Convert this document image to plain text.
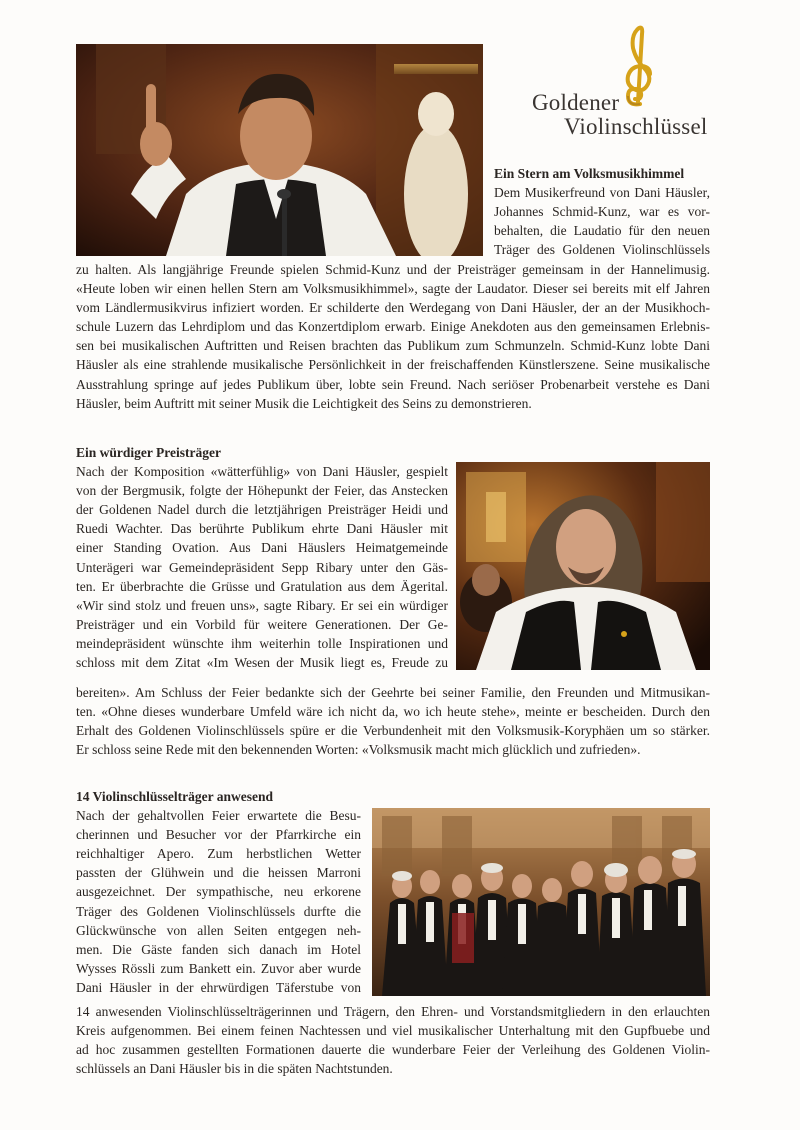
Goldener
Violinschlüssel
Ein Stern am Volksmusikhimmel
Dem Musikerfreund von Dani Häusler,
Johannes Schmid-Kunz, war es vor-
behalten, die Laudatio für den neuen
Träger des Goldenen Violinschlüssels
zu halten. Als langjährige Freunde spielen Schmid-Kunz und der Preisträger gemeinsam in der Hannelimusig.
«Heute loben wir einen hellen Stern am Volksmusikhimmel», sagte der Laudator. Dieser sei bereits mit elf Jahren
vom Ländlermusikvirus infiziert worden. Er schilderte den Werdegang von Dani Häusler, der an der Musikhoch-
schule Luzern das Lehrdiplom und das Konzertdiplom erwarb. Einige Anekdoten aus den gemeinsamen Erlebnis-
sen bei musikalischen Auftritten und Reisen brachten das Publikum zum Schmunzeln. Schmid-Kunz lobte Dani
Häusler als eine strahlende musikalische Persönlichkeit in der freischaffenden Künstlerszene. Seine musikalische
Ausstrahlung springe auf jedes Publikum über, lobte sein Freund. Nach seriöser Probenarbeit verstehe es Dani
Häusler, beim Auftritt mit seiner Musik die Leichtigkeit des Seins zu demonstrieren.
Ein würdiger Preisträger
Nach der Komposition «wätterfühlig» von Dani Häusler, gespielt
von der Bergmusik, folgte der Höhepunkt der Feier, das Anstecken
der Goldenen Nadel durch die letztjährigen Preisträger Heidi und
Ruedi Wachter. Das berührte Publikum ehrte Dani Häusler mit
einer Standing Ovation. Aus Dani Häuslers Heimatgemeinde
Unterägeri war Gemeindepräsident Sepp Ribary unter den Gäs-
ten. Er überbrachte die Grüsse und Gratulation aus dem Ägerital.
«Wir sind stolz und freuen uns», sagte Ribary. Er sei ein würdiger
Preisträger und ein Vorbild für weitere Generationen. Der Ge-
meindepräsident wünschte ihm weiterhin tolle Inspirationen und
schloss mit dem Zitat «Im Wesen der Musik liegt es, Freude zu
bereiten». Am Schluss der Feier bedankte sich der Geehrte bei seiner Familie, den Freunden und Mitmusikan-
ten. «Ohne dieses wunderbare Umfeld wäre ich nicht da, wo ich heute stehe», meinte er bescheiden. Durch den
Erhalt des Goldenen Violinschlüssels spüre er die Verbundenheit mit den Volksmusik-Koryphäen um so stärker.
Er schloss seine Rede mit den bekennenden Worten: «Volksmusik macht mich glücklich und zufrieden».
14 Violinschlüsselträger anwesend
Nach der gehaltvollen Feier erwartete die Besu-
cherinnen und Besucher vor der Pfarrkirche ein
reichhaltiger Apero. Zum herbstlichen Wetter
passten der Glühwein und die heissen Marroni
ausgezeichnet. Der sympathische, neu erkorene
Träger des Goldenen Violinschlüssels durfte die
Glückwünsche von allen Seiten entgegen neh-
men. Die Gäste fanden sich danach im Hotel
Wysses Rössli zum Bankett ein. Zuvor aber wurde
Dani Häusler in der ehrwürdigen Täferstube von
14 anwesenden Violinschlüsselträgerinnen und Trägern, den Ehren- und Vorstandsmitgliedern in den erlauchten
Kreis aufgenommen. Bei einem feinen Nachtessen und viel musikalischer Unterhaltung mit den Gupfbuebe und
ad hoc zusammen gestellten Formationen dauerte die wunderbare Feier der Verleihung des Goldenen Violin-
schlüssels an Dani Häusler bis in die späten Nachtstunden.
